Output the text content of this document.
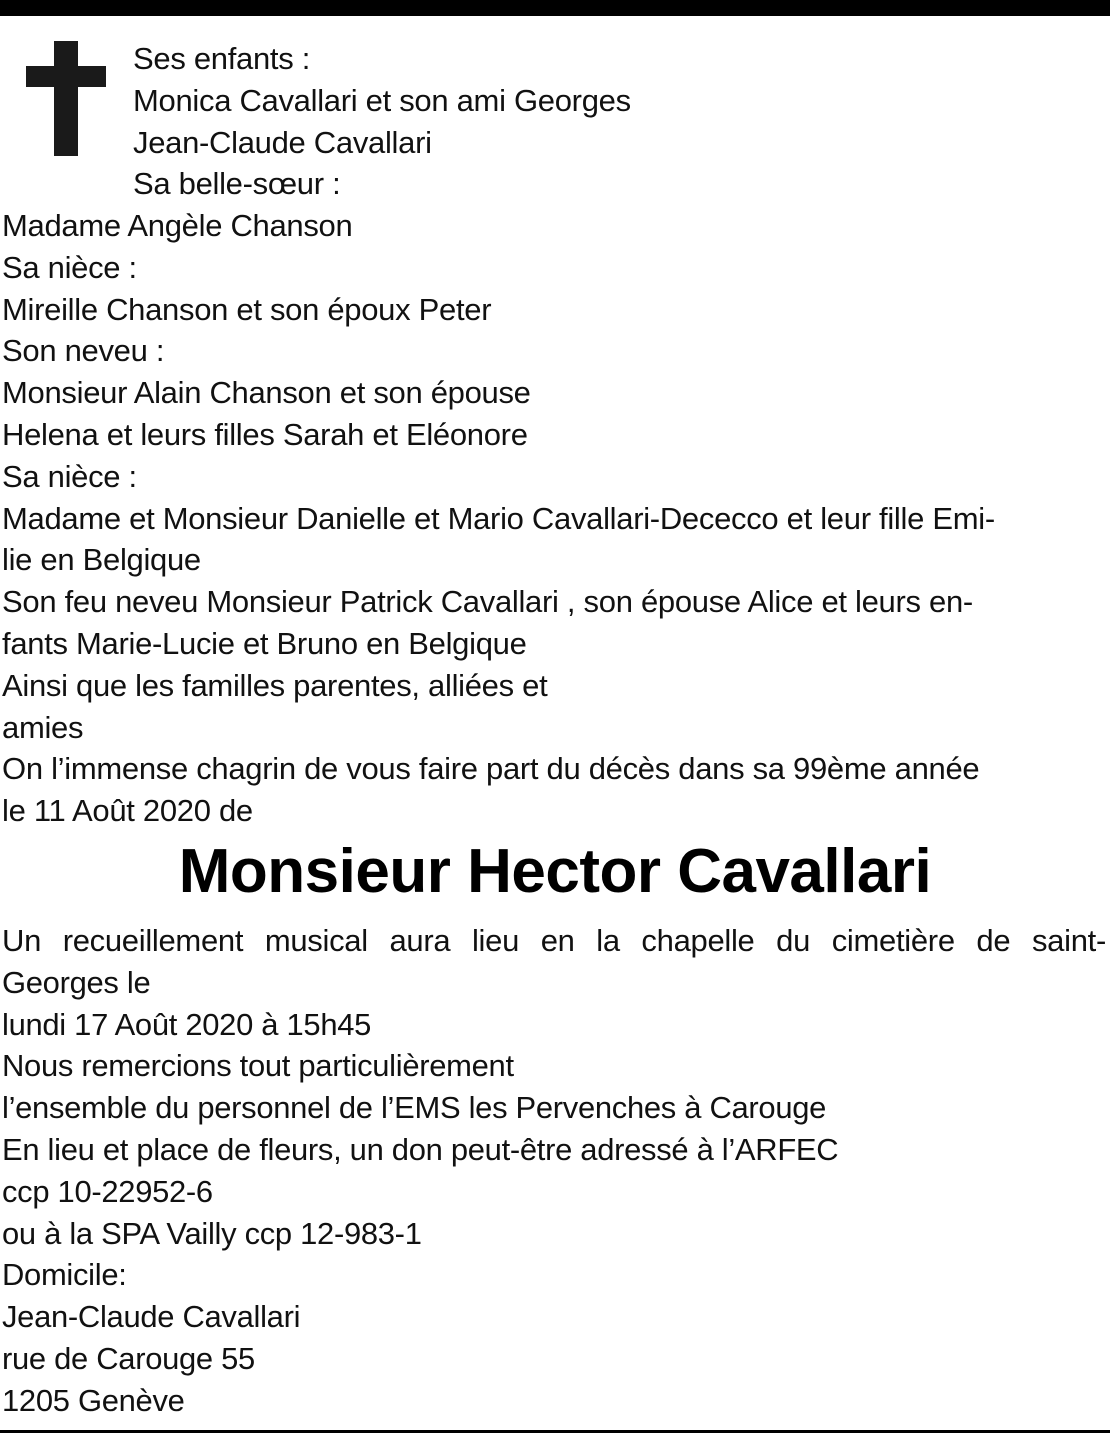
Ses enfants :
Monica Cavallari et son ami Georges
Jean-Claude Cavallari
Sa belle-sœur :
Madame Angèle Chanson
Sa nièce :
Mireille Chanson et son époux Peter
Son neveu :
Monsieur Alain Chanson et son épouse
Helena et leurs filles Sarah et Eléonore
Sa nièce :
Madame et Monsieur Danielle et Mario Cavallari-Dececco et leur fille Emi-
lie en Belgique
Son feu neveu Monsieur Patrick Cavallari , son épouse Alice et leurs en-
fants Marie-Lucie et Bruno en Belgique
Ainsi que les familles parentes, alliées et
amies
On l’immense chagrin de vous faire part du décès dans sa 99ème année
le 11 Août 2020 de
Monsieur Hector Cavallari
Un recueillement musical aura lieu en la chapelle du cimetière de saint-
Georges le
lundi 17 Août 2020 à 15h45
Nous remercions tout particulièrement
l’ensemble du personnel de l’EMS les Pervenches à Carouge
En lieu et place de fleurs, un don peut-être adressé à l’ARFEC
ccp 10-22952-6
ou à la SPA Vailly ccp 12-983-1
Domicile:
Jean-Claude Cavallari
rue de Carouge 55
1205 Genève
